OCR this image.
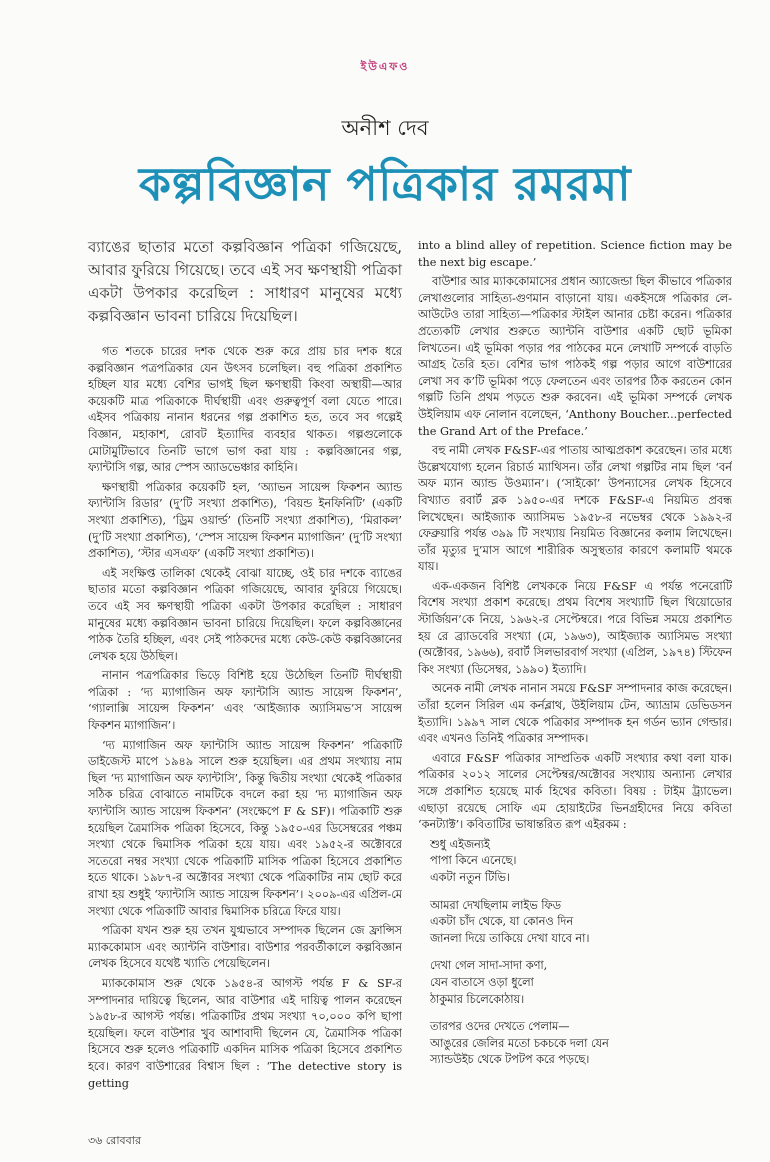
ইউএফও
অনীশ দেব
কল্পবিজ্ঞান পত্রিকার রমরমা
ব্যাঙের ছাতার মতো কল্পবিজ্ঞান পত্রিকা গজিয়েছে, আবার ফুরিয়ে গিয়েছে। তবে এই সব ক্ষণস্থায়ী পত্রিকা একটা উপকার করেছিল : সাধারণ মানুষের মধ্যে কল্পবিজ্ঞান ভাবনা চারিয়ে দিয়েছিল।

গত শতকে চারের দশক থেকে শুরু করে প্রায় চার দশক ধরে কল্পবিজ্ঞান পত্রপত্রিকার যেন উৎসব চলেছিল। বহু পত্রিকা প্রকাশিত হচ্ছিল যার মধ্যে বেশির ভাগই ছিল ক্ষণস্থায়ী কিংবা অস্থায়ী—আর কয়েকটি মাত্র পত্রিকাকে দীর্ঘস্থায়ী এবং গুরুত্বপূর্ণ বলা যেতে পারে। এইসব পত্রিকায় নানান ধরনের গল্প প্রকাশিত হত, তবে সব গল্পেই বিজ্ঞান, মহাকাশ, রোবট ইত্যাদির ব্যবহার থাকত। গল্পগুলোকে মোটামুটিভাবে তিনটি ভাগে ভাগ করা যায় : কল্পবিজ্ঞানের গল্প, ফ্যান্টাসি গল্প, আর স্পেস অ্যাডভেঞ্চার কাহিনি।

ক্ষণস্থায়ী পত্রিকার কয়েকটি হল, ‘অ্যাভন সায়েন্স ফিকশন অ্যান্ড ফ্যান্টাসি রিডার’ (দু’টি সংখ্যা প্রকাশিত), ‘বিয়ন্ড ইনফিনিটি’ (একটি সংখ্যা প্রকাশিত), ‘ড্রিম ওয়ার্ল্ড’ (তিনটি সংখ্যা প্রকাশিত), ‘মিরাকল’ (দু’টি সংখ্যা প্রকাশিত), ‘স্পেস সায়েন্স ফিকশন ম্যাগাজিন’ (দু’টি সংখ্যা প্রকাশিত), ‘স্টার এসএফ’ (একটি সংখ্যা প্রকাশিত)।

এই সংক্ষিপ্ত তালিকা থেকেই বোঝা যাচ্ছে, ওই চার দশকে ব্যাঙের ছাতার মতো কল্পবিজ্ঞান পত্রিকা গজিয়েছে, আবার ফুরিয়ে গিয়েছে। তবে এই সব ক্ষণস্থায়ী পত্রিকা একটা উপকার করেছিল : সাধারণ মানুষের মধ্যে কল্পবিজ্ঞান ভাবনা চারিয়ে দিয়েছিল। ফলে কল্পবিজ্ঞানের পাঠক তৈরি হচ্ছিল, এবং সেই পাঠকদের মধ্যে কেউ-কেউ কল্পবিজ্ঞানের লেখক হয়ে উঠছিল।

নানান পত্রপত্রিকার ভিড়ে বিশিষ্ট হয়ে উঠেছিল তিনটি দীর্ঘস্থায়ী পত্রিকা : ‘দ্য ম্যাগাজিন অফ ফ্যান্টাসি অ্যান্ড সায়েন্স ফিকশন’, ‘গ্যালাক্সি সায়েন্স ফিকশন’ এবং ‘আইজ্যাক অ্যাসিমভ’স সায়েন্স ফিকশন ম্যাগাজিন’।

‘দ্য ম্যাগাজিন অফ ফ্যান্টাসি অ্যান্ড সায়েন্স ফিকশন’ পত্রিকাটি ডাইজেস্ট মাপে ১৯৪৯ সালে শুরু হয়েছিল। এর প্রথম সংখ্যায় নাম ছিল ‘দ্য ম্যাগাজিন অফ ফ্যান্টাসি’, কিন্তু দ্বিতীয় সংখ্যা থেকেই পত্রিকার সঠিক চরিত্র বোঝাতে নামটিকে বদলে করা হয় ‘দ্য ম্যাগাজিন অফ ফ্যান্টাসি অ্যান্ড সায়েন্স ফিকশন’ (সংক্ষেপে F & SF)। পত্রিকাটি শুরু হয়েছিল ত্রৈমাসিক পত্রিকা হিসেবে, কিন্তু ১৯৫০-এর ডিসেম্বরের পঞ্চম সংখ্যা থেকে দ্বিমাসিক পত্রিকা হয়ে যায়। এবং ১৯৫২-র অক্টোবরে সতেরো নম্বর সংখ্যা থেকে পত্রিকাটি মাসিক পত্রিকা হিসেবে প্রকাশিত হতে থাকে। ১৯৮৭-র অক্টোবর সংখ্যা থেকে পত্রিকাটির নাম ছোট করে রাখা হয় শুধুই ‘ফ্যান্টাসি অ্যান্ড সায়েন্স ফিকশন’। ২০০৯-এর এপ্রিল-মে সংখ্যা থেকে পত্রিকাটি আবার দ্বিমাসিক চরিত্রে ফিরে যায়।

পত্রিকা যখন শুরু হয় তখন যুগ্মভাবে সম্পাদক ছিলেন জে ফ্রান্সিস ম্যাককোমাস এবং অ্যান্টনি বাউশার। বাউশার পরবর্তীকালে কল্পবিজ্ঞান লেখক হিসেবে যথেষ্ট খ্যাতি পেয়েছিলেন।

ম্যাককোমাস শুরু থেকে ১৯৫৪-র আগস্ট পর্যন্ত F & SF-র সম্পাদনার দায়িত্বে ছিলেন, আর বাউশার এই দায়িত্ব পালন করেছেন ১৯৫৮-র আগস্ট পর্যন্ত। পত্রিকাটির প্রথম সংখ্যা ৭০,০০০ কপি ছাপা হয়েছিল। ফলে বাউশার খুব আশাবাদী ছিলেন যে, ত্রৈমাসিক পত্রিকা হিসেবে শুরু হলেও পত্রিকাটি একদিন মাসিক পত্রিকা হিসেবে প্রকাশিত হবে। কারণ বাউশারের বিশ্বাস ছিল : ‘The detective story is getting

into a blind alley of repetition. Science fiction may be the next big escape.’

বাউশার আর ম্যাককোমাসের প্রধান অ্যাজেন্ডা ছিল কীভাবে পত্রিকার লেখাগুলোর সাহিত্য-গুণমান বাড়ানো যায়। একইসঙ্গে পত্রিকার লে-আউটেও তারা সাহিত্য—পত্রিকার স্টাইল আনার চেষ্টা করেন। পত্রিকার প্রত্যেকটি লেখার শুরুতে অ্যান্টনি বাউশার একটি ছোট ভূমিকা লিখতেন। এই ভূমিকা পড়ার পর পাঠকের মনে লেখাটি সম্পর্কে বাড়তি আগ্রহ তৈরি হত। বেশির ভাগ পাঠকই গল্প পড়ার আগে বাউশারের লেখা সব ক’টি ভূমিকা পড়ে ফেলতেন এবং তারপর ঠিক করতেন কোন গল্পটি তিনি প্রথম পড়তে শুরু করবেন। এই ভূমিকা সম্পর্কে লেখক উইলিয়াম এফ নোলান বলেছেন, ‘Anthony Boucher...perfected the Grand Art of the Preface.’

বহু নামী লেখক F&SF-এর পাতায় আত্মপ্রকাশ করেছেন। তার মধ্যে উল্লেখযোগ্য হলেন রিচার্ড ম্যাথিসন। তাঁর লেখা গল্পটির নাম ছিল ‘বর্ন অফ ম্যান অ্যান্ড উওম্যান’। (‘সাইকো’ উপন্যাসের লেখক হিসেবে বিখ্যাত রবার্ট ব্লক ১৯৫০-এর দশকে F&SF-এ নিয়মিত প্রবন্ধ লিখেছেন। আইজ্যাক অ্যাসিমভ ১৯৫৮-র নভেম্বর থেকে ১৯৯২-র ফেব্রুয়ারি পর্যন্ত ৩৯৯ টি সংখ্যায় নিয়মিত বিজ্ঞানের কলাম লিখেছেন। তাঁর মৃত্যুর দু’মাস আগে শারীরিক অসুস্থতার কারণে কলামটি থমকে যায়।

এক-একজন বিশিষ্ট লেখককে নিয়ে F&SF এ পর্যন্ত পনেরোটি বিশেষ সংখ্যা প্রকাশ করেছে। প্রথম বিশেষ সংখ্যাটি ছিল থিয়োডোর স্টার্জিয়ন’কে নিয়ে, ১৯৬২-র সেপ্টেম্বরে। পরে বিভিন্ন সময়ে প্রকাশিত হয় রে ব্র্যাডবেরি সংখ্যা (মে, ১৯৬৩), আইজ্যাক অ্যাসিমভ সংখ্যা (অক্টোবর, ১৯৬৬), রবার্ট সিলভারবার্গ সংখ্যা (এপ্রিল, ১৯৭৪) স্টিফেন কিং সংখ্যা (ডিসেম্বর, ১৯৯০) ইত্যাদি।

অনেক নামী লেখক নানান সময়ে F&SF সম্পাদনার কাজ করেছেন। তাঁরা হলেন সিরিল এম কর্নব্লাথ, উইলিয়াম টেন, অ্যাভ্রাম ডেভিডসন ইত্যাদি। ১৯৯৭ সাল থেকে পত্রিকার সম্পাদক হন গর্ডন ভ্যান গেল্ডার। এবং এখনও তিনিই পত্রিকার সম্পাদক।

এবারে F&SF পত্রিকার সাম্প্রতিক একটি সংখ্যার কথা বলা যাক। পত্রিকার ২০১২ সালের সেপ্টেম্বর/অক্টোবর সংখ্যায় অন্যান্য লেখার সঙ্গে প্রকাশিত হয়েছে মার্ক হিথের কবিতা। বিষয় : টাইম ট্র্যাভেল। এছাড়া রয়েছে সোফি এম হোয়াইটের ভিনগ্রহীদের নিয়ে কবিতা ‘কনট্যাক্ট’। কবিতাটির ভাষান্তরিত রূপ এইরকম :

শুধু এইজন্যই
পাপা কিনে এনেছে।
একটা নতুন টিভি।
আমরা দেখছিলাম লাইভ ফিড
একটা চাঁদ থেকে, যা কোনও দিন
জানলা দিয়ে তাকিয়ে দেখা যাবে না।
দেখা গেল সাদা-সাদা কণা,
যেন বাতাসে ওড়া ধুলো
ঠাকুমার চিলেকোঠায়।
তারপর ওদের দেখতে পেলাম—
আঙুরের জেলির মতো চকচকে দলা যেন
স্যান্ডউইচ থেকে টপটপ করে পড়ছে।
৩৬ রোববার
